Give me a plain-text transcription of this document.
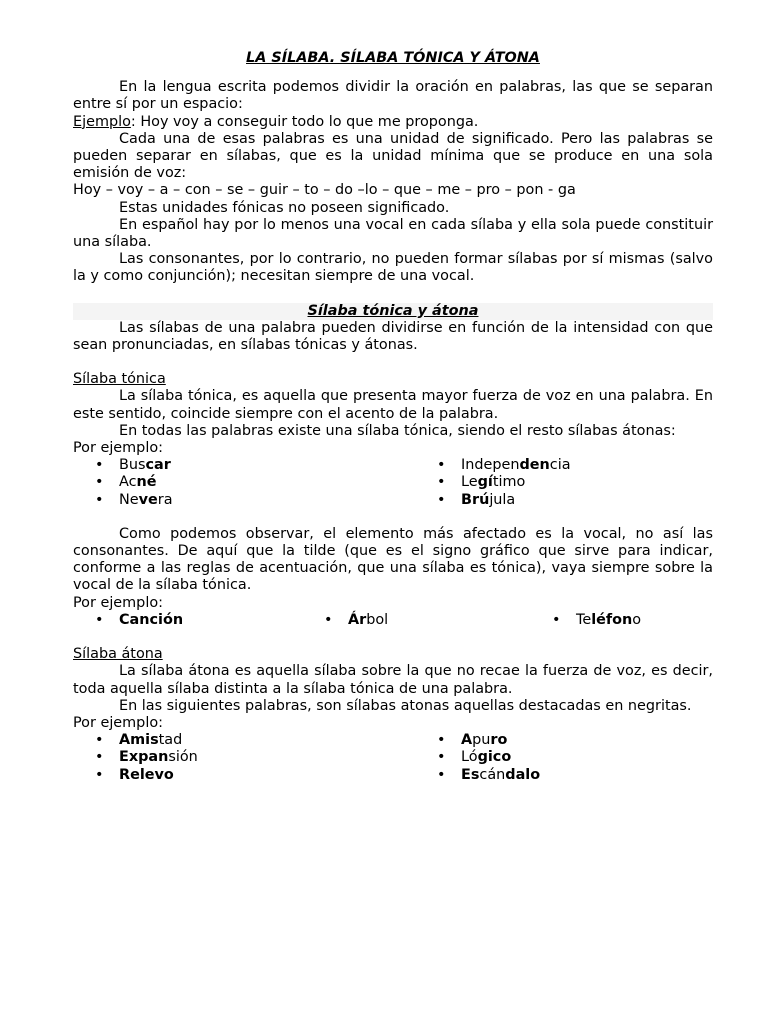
LA SÍLABA. SÍLABA TÓNICA Y ÁTONA

En la lengua escrita podemos dividir la oración en palabras, las que se separan entre sí por un espacio:

Ejemplo: Hoy voy a conseguir todo lo que me proponga.

Cada una de esas palabras es una unidad de significado. Pero las palabras se pueden separar en sílabas, que es la unidad mínima que se produce en una sola emisión de voz:

Hoy – voy – a – con – se – guir – to – do –lo – que – me – pro – pon - ga

Estas unidades fónicas no poseen significado.

En español hay por lo menos una vocal en cada sílaba y ella sola puede constituir una sílaba.

Las consonantes, por lo contrario, no pueden formar sílabas por sí mismas (salvo la y como conjunción); necesitan siempre de una vocal.

Sílaba tónica y átona

Las sílabas de una palabra pueden dividirse en función de la intensidad con que sean pronunciadas, en sílabas tónicas y átonas.

Sílaba tónica

La sílaba tónica, es aquella que presenta mayor fuerza de voz en una palabra. En este sentido, coincide siempre con el acento de la palabra.

En todas las palabras existe una sílaba tónica, siendo el resto sílabas átonas:

Por ejemplo:

• Buscar	• Independencia
• Acné	• Legítimo
• Nevera	• Brújula

Como podemos observar, el elemento más afectado es la vocal, no así las consonantes. De aquí que la tilde (que es el signo gráfico que sirve para indicar, conforme a las reglas de acentuación, que una sílaba es tónica), vaya siempre sobre la vocal de la sílaba tónica.

Por ejemplo:

• Canción	• Árbol	• Teléfono

Sílaba átona

La sílaba átona es aquella sílaba sobre la que no recae la fuerza de voz, es decir, toda aquella sílaba distinta a la sílaba tónica de una palabra.

En las siguientes palabras, son sílabas atonas aquellas destacadas en negritas.

Por ejemplo:

• Amistad	• Apuro
• Expansión	• Lógico
• Relevo	• Escándalo
